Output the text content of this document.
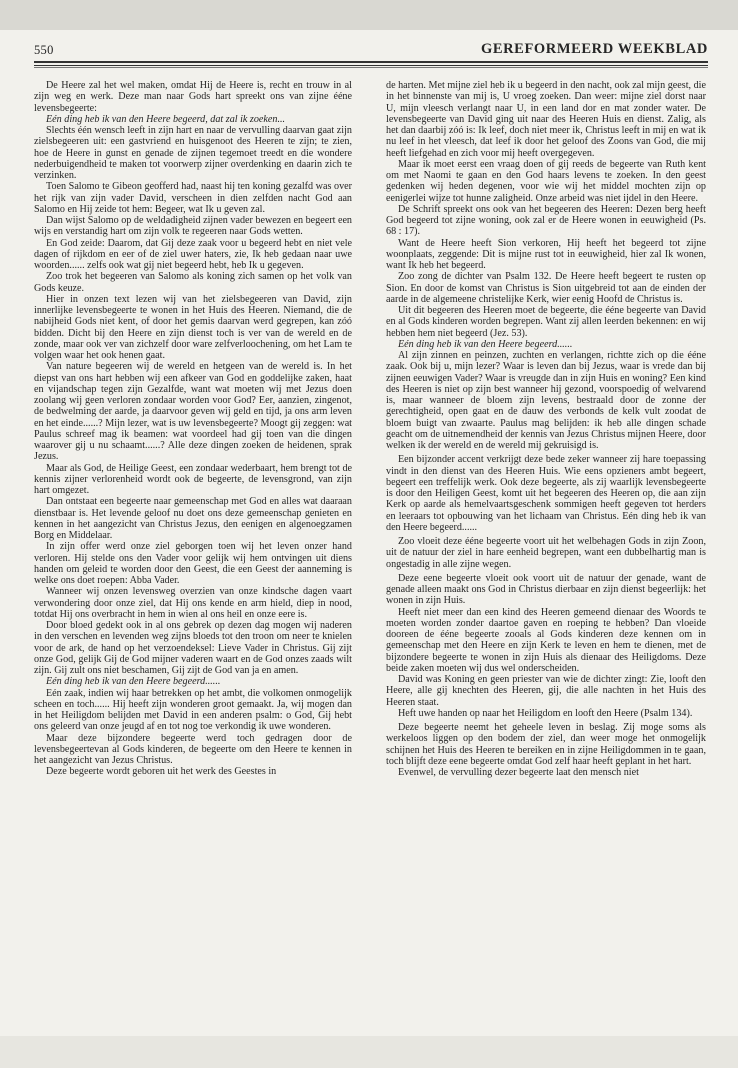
550	GEREFORMEERD WEEKBLAD

De Heere zal het wel maken, omdat Hij de Heere is, recht en trouw in al zijn weg en werk. Deze man naar Gods hart spreekt ons van zijne ééne levensbegeerte:

Eén ding heb ik van den Heere begeerd, dat zal ik zoeken...

Slechts één wensch leeft in zijn hart en naar de vervulling daarvan gaat zijn zielsbegeeren uit: een gastvriend en huisgenoot des Heeren te zijn; te zien, hoe de Heere in gunst en genade de zijnen tegemoet treedt en die wondere nederbuigendheid te maken tot voorwerp zijner overdenking en daarin zich te verzinken.

Toen Salomo te Gibeon geofferd had, naast hij ten koning gezalfd was over het rijk van zijn vader David, verscheen in dien zelfden nacht God aan Salomo en Hij zeide tot hem: Begeer, wat Ik u geven zal.

Dan wijst Salomo op de weldadigheid zijnen vader bewezen en begeert een wijs en verstandig hart om zijn volk te regeeren naar Gods wetten.

En God zeide: Daarom, dat Gij deze zaak voor u begeerd hebt en niet vele dagen of rijkdom en eer of de ziel uwer haters, zie, Ik heb gedaan naar uwe woorden...... zelfs ook wat gij niet begeerd hebt, heb Ik u gegeven.

Zoo trok het begeeren van Salomo als koning zich samen op het volk van Gods keuze.

Hier in onzen text lezen wij van het zielsbegeeren van David, zijn innerlijke levensbegeerte te wonen in het Huis des Heeren. Niemand, die de nabijheid Gods niet kent, of door het gemis daarvan werd gegrepen, kan zóó bidden. Dicht bij den Heere en zijn dienst toch is ver van de wereld en de zonde, maar ook ver van zichzelf door ware zelfverloochening, om het Lam te volgen waar het ook henen gaat.

Van nature begeeren wij de wereld en hetgeen van de wereld is. In het diepst van ons hart hebben wij een afkeer van God en goddelijke zaken, haat en vijandschap tegen zijn Gezalfde, want wat moeten wij met Jezus doen zoolang wij geen verloren zondaar worden voor God? Eer, aanzien, zingenot, de bedwelming der aarde, ja daarvoor geven wij geld en tijd, ja ons arm leven en het einde......? Mijn lezer, wat is uw levensbegeerte? Moogt gij zeggen: wat Paulus schreef mag ik beamen: wat voordeel had gij toen van die dingen waarover gij u nu schaamt......? Alle deze dingen zoeken de heidenen, sprak Jezus.

Maar als God, de Heilige Geest, een zondaar wederbaart, hem brengt tot de kennis zijner verlorenheid wordt ook de begeerte, de levensgrond, van zijn hart omgezet.

Dan ontstaat een begeerte naar gemeenschap met God en alles wat daaraan dienstbaar is. Het levende geloof nu doet ons deze gemeenschap genieten en kennen in het aangezicht van Christus Jezus, den eenigen en algenoegzamen Borg en Middelaar.

In zijn offer werd onze ziel geborgen toen wij het leven onzer hand verloren. Hij stelde ons den Vader voor gelijk wij hem ontvingen uit diens handen om geleid te worden door den Geest, die een Geest der aanneming is welke ons doet roepen: Abba Vader.

Wanneer wij onzen levensweg overzien van onze kindsche dagen vaart verwondering door onze ziel, dat Hij ons kende en arm hield, diep in nood, totdat Hij ons overbracht in hem in wien al ons heil en onze eere is.

Door bloed gedekt ook in al ons gebrek op dezen dag mogen wij naderen in den verschen en levenden weg zijns bloeds tot den troon om neer te knielen voor de ark, de hand op het verzoendeksel: Lieve Vader in Christus. Gij zijt onze God, gelijk Gij de God mijner vaderen waart en de God onzes zaads wilt zijn. Gij zult ons niet beschamen, Gij zijt de God van ja en amen.

Eén ding heb ik van den Heere begeerd......

Eén zaak, indien wij haar betrekken op het ambt, die volkomen onmogelijk scheen en toch...... Hij heeft zijn wonderen groot gemaakt. Ja, wij mogen dan in het Heiligdom belijden met David in een anderen psalm: o God, Gij hebt ons geleerd van onze jeugd af en tot nog toe verkondig ik uwe wonderen.

Maar deze bijzondere begeerte werd toch gedragen door de levensbegeertevan al Gods kinderen, de begeerte om den Heere te kennen in het aangezicht van Jezus Christus.

Deze begeerte wordt geboren uit het werk des Geestes in

de harten. Met mijne ziel heb ik u begeerd in den nacht, ook zal mijn geest, die in het binnenste van mij is, U vroeg zoeken. Dan weer: mijne ziel dorst naar U, mijn vleesch verlangt naar U, in een land dor en mat zonder water. De levensbegeerte van David ging uit naar des Heeren Huis en dienst. Zalig, als het dan daarbij zóó is: Ik leef, doch niet meer ik, Christus leeft in mij en wat ik nu leef in het vleesch, dat leef ik door het geloof des Zoons van God, die mij heeft liefgehad en zich voor mij heeft overgegeven.

Maar ik moet eerst een vraag doen of gij reeds de begeerte van Ruth kent om met Naomi te gaan en den God haars levens te zoeken. In den geest gedenken wij heden degenen, voor wie wij het middel mochten zijn op eenigerlei wijze tot hunne zaligheid. Onze arbeid was niet ijdel in den Heere.

De Schrift spreekt ons ook van het begeeren des Heeren: Dezen berg heeft God begeerd tot zijne woning, ook zal er de Heere wonen in eeuwigheid (Ps. 68 : 17).

Want de Heere heeft Sion verkoren, Hij heeft het begeerd tot zijne woonplaats, zeggende: Dit is mijne rust tot in eeuwigheid, hier zal Ik wonen, want Ik heb het begeerd.

Zoo zong de dichter van Psalm 132. De Heere heeft begeert te rusten op Sion. En door de komst van Christus is Sion uitgebreid tot aan de einden der aarde in de algemeene christelijke Kerk, wier eenig Hoofd de Christus is.

Uit dit begeeren des Heeren moet de begeerte, die ééne begeerte van David en al Gods kinderen worden begrepen. Want zij allen leerden bekennen: en wij hebben hem niet begeerd (Jez. 53).

Eén ding heb ik van den Heere begeerd......

Al zijn zinnen en peinzen, zuchten en verlangen, richtte zich op die ééne zaak. Ook bij u, mijn lezer? Waar is leven dan bij Jezus, waar is vrede dan bij zijnen eeuwigen Vader? Waar is vreugde dan in zijn Huis en woning? Een kind des Heeren is niet op zijn best wanneer hij gezond, voorspoedig of welvarend is, maar wanneer de bloem zijn levens, bestraald door de zonne der gerechtigheid, open gaat en de dauw des verbonds de kelk vult zoodat de bloem buigt van zwaarte. Paulus mag belijden: ik heb alle dingen schade geacht om de uitnemendheid der kennis van Jezus Christus mijnen Heere, door welken ik der wereld en de wereld mij gekruisigd is.

Een bijzonder accent verkrijgt deze bede zeker wanneer zij hare toepassing vindt in den dienst van des Heeren Huis. Wie eens opzieners ambt begeert, begeert een treffelijk werk. Ook deze begeerte, als zij waarlijk levensbegeerte is door den Heiligen Geest, komt uit het begeeren des Heeren op, die aan zijn Kerk op aarde als hemelvaartsgeschenk sommigen heeft gegeven tot herders en leeraars tot opbouwing van het lichaam van Christus. Eén ding heb ik van den Heere begeerd......

Zoo vloeit deze ééne begeerte voort uit het welbehagen Gods in zijn Zoon, uit de natuur der ziel in hare eenheid begrepen, want een dubbelhartig man is ongestadig in alle zijne wegen.

Deze eene begeerte vloeit ook voort uit de natuur der genade, want de genade alleen maakt ons God in Christus dierbaar en zijn dienst begeerlijk: het wonen in zijn Huis.

Heeft niet meer dan een kind des Heeren gemeend dienaar des Woords te moeten worden zonder daartoe gaven en roeping te hebben? Dan vloeide dooreen de ééne begeerte zooals al Gods kinderen deze kennen om in gemeenschap met den Heere en zijn Kerk te leven en hem te dienen, met de bijzondere begeerte te wonen in zijn Huis als dienaar des Heiligdoms. Deze beide zaken moeten wij dus wel onderscheiden.

David was Koning en geen priester van wie de dichter zingt: Zie, looft den Heere, alle gij knechten des Heeren, gij, die alle nachten in het Huis des Heeren staat.

Heft uwe handen op naar het Heiligdom en looft den Heere (Psalm 134).

Deze begeerte neemt het geheele leven in beslag. Zij moge soms als werkeloos liggen op den bodem der ziel, dan weer moge het onmogelijk schijnen het Huis des Heeren te bereiken en in zijne Heiligdommen in te gaan, toch blijft deze eene begeerte omdat God zelf haar heeft geplant in het hart.

Evenwel, de vervulling dezer begeerte laat den mensch niet
